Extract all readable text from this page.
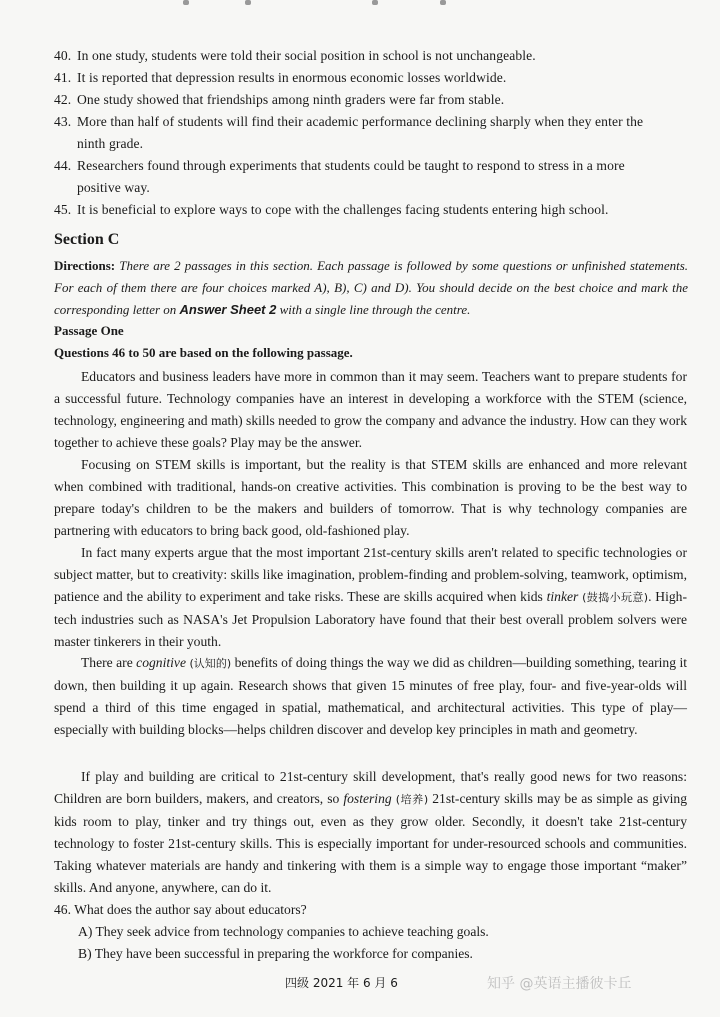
40. In one study, students were told their social position in school is not unchangeable.
41. It is reported that depression results in enormous economic losses worldwide.
42. One study showed that friendships among ninth graders were far from stable.
43. More than half of students will find their academic performance declining sharply when they enter the
ninth grade.
44. Researchers found through experiments that students could be taught to respond to stress in a more
positive way.
45. It is beneficial to explore ways to cope with the challenges facing students entering high school.
Section C
Directions: There are 2 passages in this section. Each passage is followed by some questions or unfinished statements. For each of them there are four choices marked A), B), C) and D). You should decide on the best choice and mark the corresponding letter on Answer Sheet 2 with a single line through the centre.
Passage One
Questions 46 to 50 are based on the following passage.
Educators and business leaders have more in common than it may seem. Teachers want to prepare students for a successful future. Technology companies have an interest in developing a workforce with the STEM (science, technology, engineering and math) skills needed to grow the company and advance the industry. How can they work together to achieve these goals? Play may be the answer.
Focusing on STEM skills is important, but the reality is that STEM skills are enhanced and more relevant when combined with traditional, hands-on creative activities. This combination is proving to be the best way to prepare today's children to be the makers and builders of tomorrow. That is why technology companies are partnering with educators to bring back good, old-fashioned play.
In fact many experts argue that the most important 21st-century skills aren't related to specific technologies or subject matter, but to creativity: skills like imagination, problem-finding and problem-solving, teamwork, optimism, patience and the ability to experiment and take risks. These are skills acquired when kids tinker (鼓捣小玩意). High-tech industries such as NASA's Jet Propulsion Laboratory have found that their best overall problem solvers were master tinkerers in their youth.
There are cognitive (认知的) benefits of doing things the way we did as children—building something, tearing it down, then building it up again. Research shows that given 15 minutes of free play, four- and five-year-olds will spend a third of this time engaged in spatial, mathematical, and architectural activities. This type of play—especially with building blocks—helps children discover and develop key principles in math and geometry.
If play and building are critical to 21st-century skill development, that's really good news for two reasons: Children are born builders, makers, and creators, so fostering (培养) 21st-century skills may be as simple as giving kids room to play, tinker and try things out, even as they grow older. Secondly, it doesn't take 21st-century technology to foster 21st-century skills. This is especially important for under-resourced schools and communities. Taking whatever materials are handy and tinkering with them is a simple way to engage those important “maker” skills. And anyone, anywhere, can do it.
46. What does the author say about educators?
A) They seek advice from technology companies to achieve teaching goals.
B) They have been successful in preparing the workforce for companies.
四级 2021 年 6 月 6	知乎 @英语主播彼卡丘
